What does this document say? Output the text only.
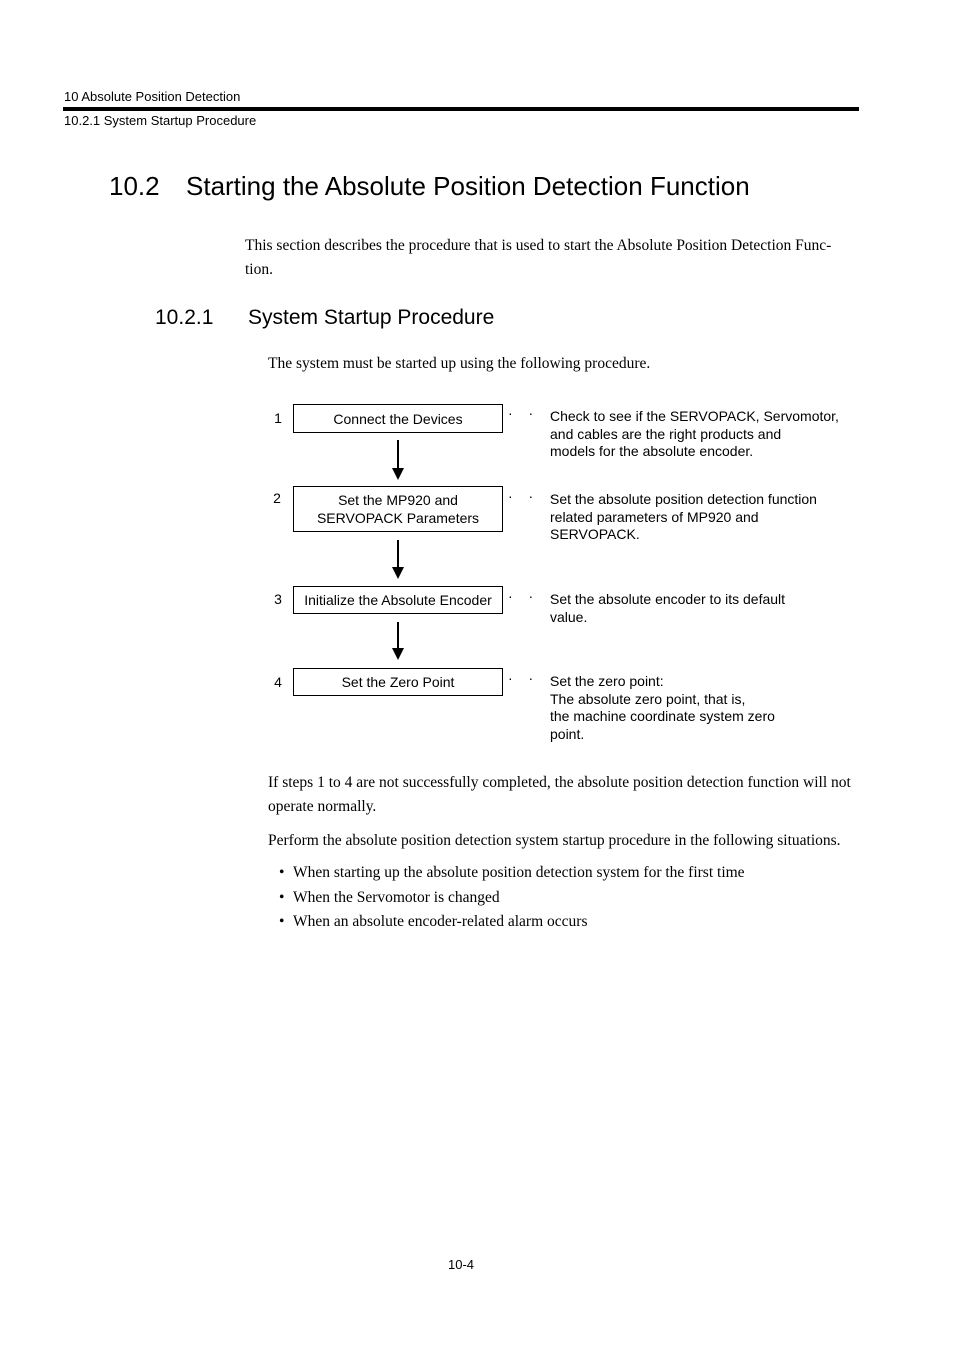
10 Absolute Position Detection
10.2.1 System Startup Procedure
10.2 Starting the Absolute Position Detection Function
This section describes the procedure that is used to start the Absolute Position Detection Func-
tion.
10.2.1 System Startup Procedure
The system must be started up using the following procedure.
1	Connect the Devices	· · ·
Check to see if the SERVOPACK, Servomotor,
and cables are the right products and
models for the absolute encoder.
2	Set the MP920 and
SERVOPACK Parameters
· · ·
Set the absolute position detection function
related parameters of MP920 and
SERVOPACK.
3 Initialize the Absolute Encoder · · ·
Set the absolute encoder to its default
value.
4	Set the Zero Point	· · ·
Set the zero point:
The absolute zero point, that is,
the machine coordinate system zero
point.
If steps 1 to 4 are not successfully completed, the absolute position detection function will not operate normally.
Perform the absolute position detection system startup procedure in the following situations.
• When starting up the absolute position detection system for the first time
• When the Servomotor is changed
• When an absolute encoder-related alarm occurs
10-4
